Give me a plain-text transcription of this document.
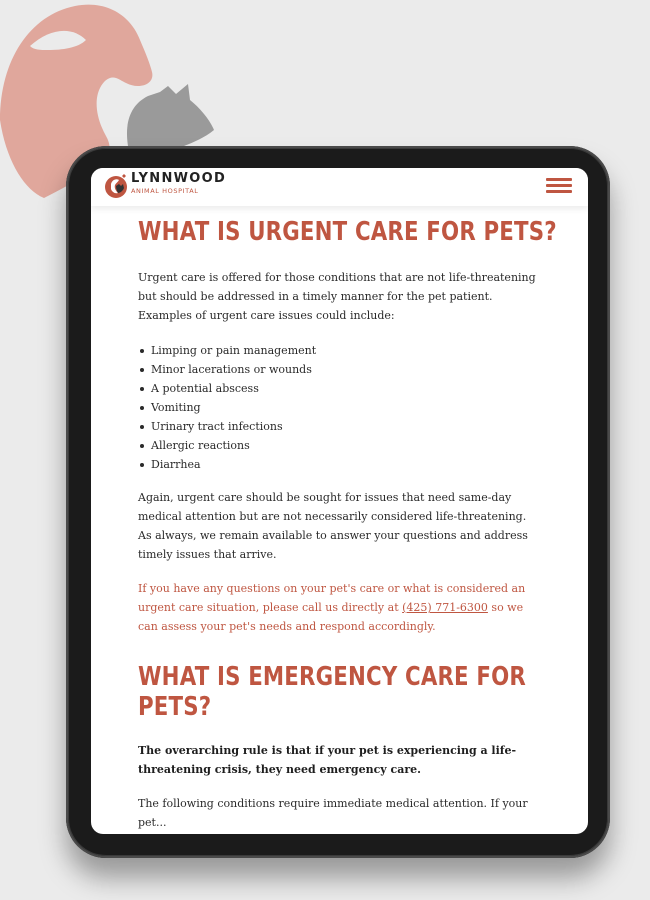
LYNNWOOD
ANIMAL HOSPITAL
WHAT IS URGENT CARE FOR PETS?

Urgent care is offered for those conditions that are not life-threatening but should be addressed in a timely manner for the pet patient. Examples of urgent care issues could include:

Limping or pain management
Minor lacerations or wounds
A potential abscess
Vomiting
Urinary tract infections
Allergic reactions
Diarrhea

Again, urgent care should be sought for issues that need same-day medical attention but are not necessarily considered life-threatening. As always, we remain available to answer your questions and address timely issues that arrive.

If you have any questions on your pet's care or what is considered an urgent care situation, please call us directly at (425) 771-6300 so we can assess your pet's needs and respond accordingly.

WHAT IS EMERGENCY CARE FOR
PETS?

The overarching rule is that if your pet is experiencing a life-threatening crisis, they need emergency care.

The following conditions require immediate medical attention. If your pet...
